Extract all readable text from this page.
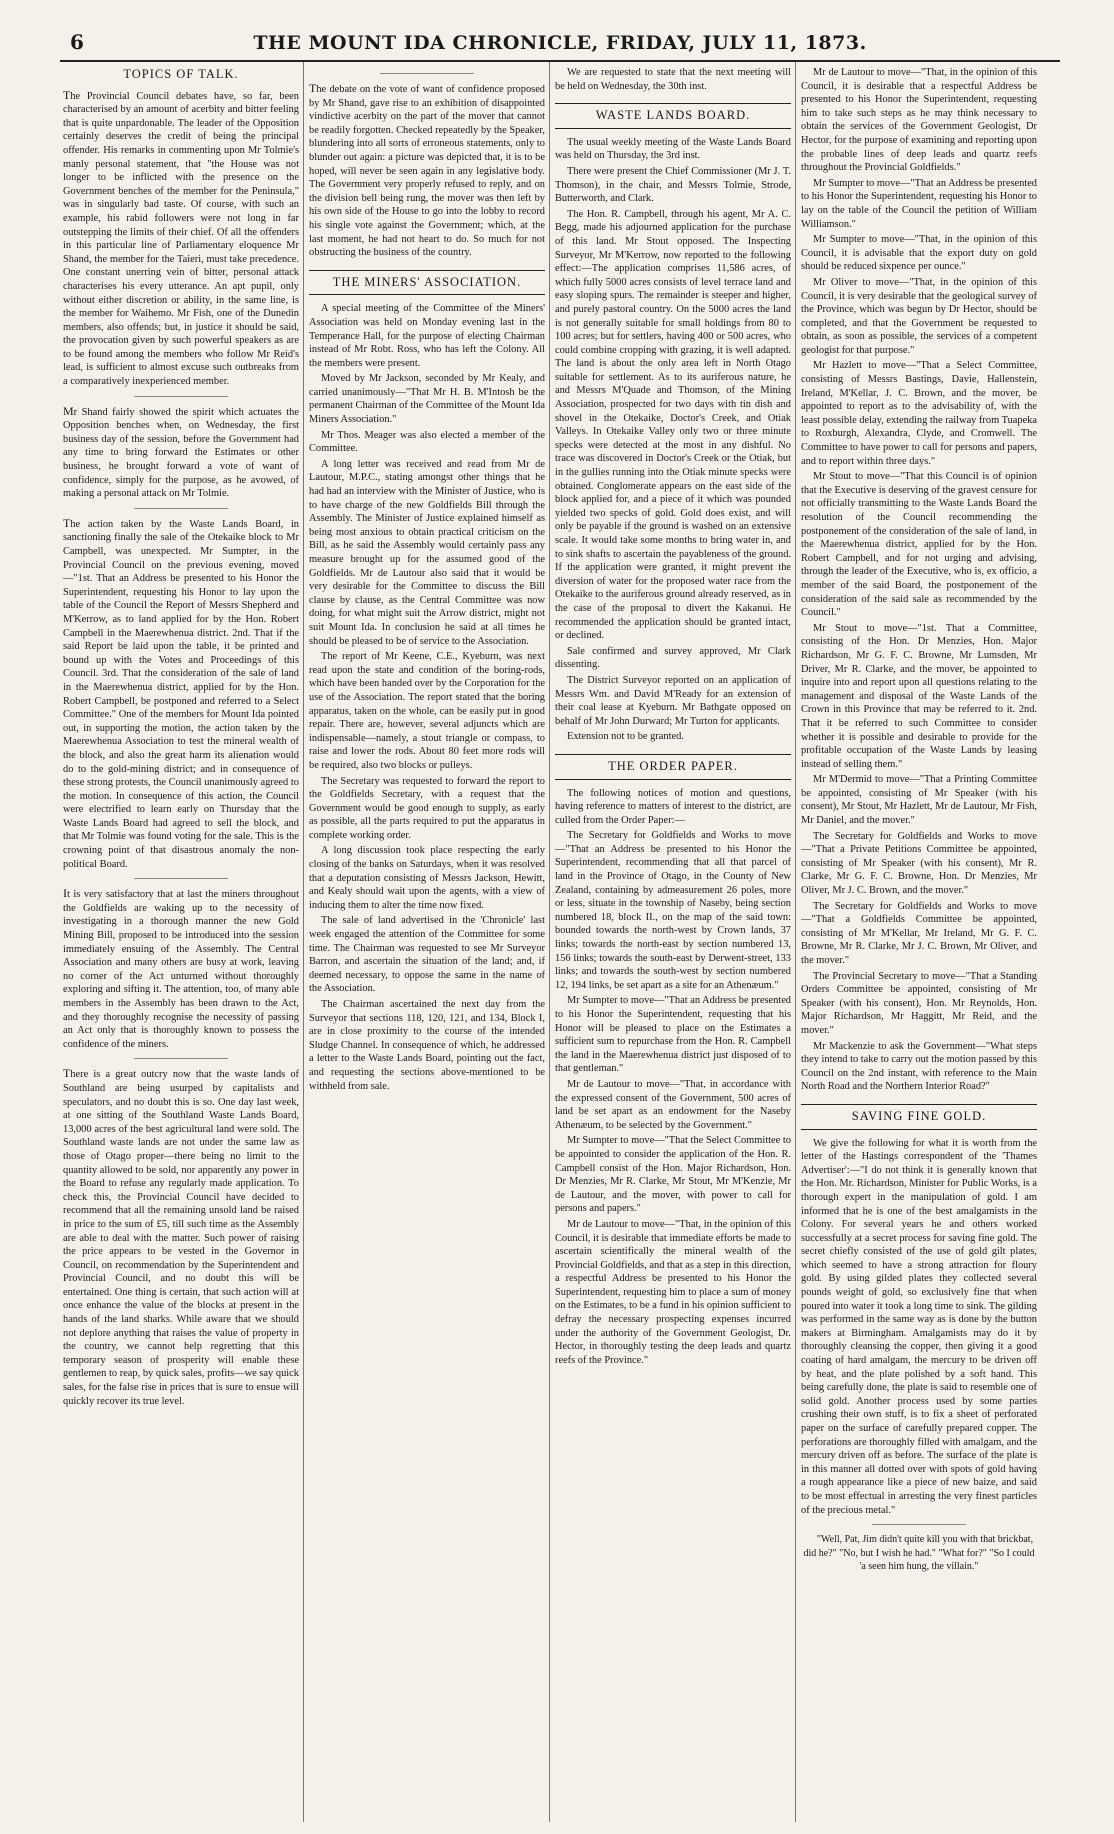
6	THE MOUNT IDA CHRONICLE, FRIDAY, JULY 11, 1873.
TOPICS OF TALK.

The Provincial Council debates have, so far, been characterised by an amount of acerbity and bitter feeling that is quite unpardonable. The leader of the Opposition certainly deserves the credit of being the principal offender. His remarks in commenting upon Mr Tolmie's manly personal statement, that "the House was not longer to be inflicted with the presence on the Government benches of the member for the Peninsula," was in singularly bad taste. Of course, with such an example, his rabid followers were not long in far outstepping the limits of their chief. Of all the offenders in this particular line of Parliamentary eloquence Mr Shand, the member for the Taieri, must take precedence. One constant unerring vein of bitter, personal attack characterises his every utterance. An apt pupil, only without either discretion or ability, in the same line, is the member for Waihemo. Mr Fish, one of the Dunedin members, also offends; but, in justice it should be said, the provocation given by such powerful speakers as are to be found among the members who follow Mr Reid's lead, is sufficient to almost excuse such outbreaks from a comparatively inexperienced member.

Mr Shand fairly showed the spirit which actuates the Opposition benches when, on Wednesday, the first business day of the session, before the Government had any time to bring forward the Estimates or other business, he brought forward a vote of want of confidence, simply for the purpose, as he avowed, of making a personal attack on Mr Tolmie.

The action taken by the Waste Lands Board, in sanctioning finally the sale of the Otekaike block to Mr Campbell, was unexpected. Mr Sumpter, in the Provincial Council on the previous evening, moved—"1st. That an Address be presented to his Honor the Superintendent, requesting his Honor to lay upon the table of the Council the Report of Messrs Shepherd and M'Kerrow, as to land applied for by the Hon. Robert Campbell in the Maerewhenua district. 2nd. That if the said Report be laid upon the table, it be printed and bound up with the Votes and Proceedings of this Council. 3rd. That the consideration of the sale of land in the Maerewhenua district, applied for by the Hon. Robert Campbell, be postponed and referred to a Select Committee." One of the members for Mount Ida pointed out, in supporting the motion, the action taken by the Maerewhenua Association to test the mineral wealth of the block, and also the great harm its alienation would do to the gold-mining district; and in consequence of these strong protests, the Council unanimously agreed to the motion. In consequence of this action, the Council were electrified to learn early on Thursday that the Waste Lands Board had agreed to sell the block, and that Mr Tolmie was found voting for the sale. This is the crowning point of that disastrous anomaly the non-political Board.

It is very satisfactory that at last the miners throughout the Goldfields are waking up to the necessity of investigating in a thorough manner the new Gold Mining Bill, proposed to be introduced into the session immediately ensuing of the Assembly. The Central Association and many others are busy at work, leaving no corner of the Act unturned without thoroughly exploring and sifting it. The attention, too, of many able members in the Assembly has been drawn to the Act, and they thoroughly recognise the necessity of passing an Act only that is thoroughly known to possess the confidence of the miners.

There is a great outcry now that the waste lands of Southland are being usurped by capitalists and speculators, and no doubt this is so. One day last week, at one sitting of the Southland Waste Lands Board, 13,000 acres of the best agricultural land were sold. The Southland waste lands are not under the same law as those of Otago proper—there being no limit to the quantity allowed to be sold, nor apparently any power in the Board to refuse any regularly made application. To check this, the Provincial Council have decided to recommend that all the remaining unsold land be raised in price to the sum of £5, till such time as the Assembly are able to deal with the matter. Such power of raising the price appears to be vested in the Governor in Council, on recommendation by the Superintendent and Provincial Council, and no doubt this will be entertained. One thing is certain, that such action will at once enhance the value of the blocks at present in the hands of the land sharks. While aware that we should not deplore anything that raises the value of property in the country, we cannot help regretting that this temporary season of prosperity will enable these gentlemen to reap, by quick sales, profits—we say quick sales, for the false rise in prices that is sure to ensue will quickly recover its true level.

The debate on the vote of want of confidence proposed by Mr Shand, gave rise to an exhibition of disappointed vindictive acerbity on the part of the mover that cannot be readily forgotten. Checked repeatedly by the Speaker, blundering into all sorts of erroneous statements, only to blunder out again: a picture was depicted that, it is to be hoped, will never be seen again in any legislative body. The Government very properly refused to reply, and on the division bell being rung, the mover was then left by his own side of the House to go into the lobby to record his single vote against the Government; which, at the last moment, he had not heart to do. So much for not obstructing the business of the country.

THE MINERS' ASSOCIATION.

A special meeting of the Committee of the Miners' Association was held on Monday evening last in the Temperance Hall, for the purpose of electing Chairman instead of Mr Robt. Ross, who has left the Colony. All the members were present.

Moved by Mr Jackson, seconded by Mr Kealy, and carried unanimously—"That Mr H. B. M'Intosh be the permanent Chairman of the Committee of the Mount Ida Miners Association."

Mr Thos. Meager was also elected a member of the Committee.

A long letter was received and read from Mr de Lautour, M.P.C., stating amongst other things that he had had an interview with the Minister of Justice, who is to have charge of the new Goldfields Bill through the Assembly. The Minister of Justice explained himself as being most anxious to obtain practical criticism on the Bill, as he said the Assembly would certainly pass any measure brought up for the assumed good of the Goldfields. Mr de Lautour also said that it would be very desirable for the Committee to discuss the Bill clause by clause, as the Central Committee was now doing, for what might suit the Arrow district, might not suit Mount Ida. In conclusion he said at all times he should be pleased to be of service to the Association.

The report of Mr Keene, C.E., Kyeburn, was next read upon the state and condition of the boring-rods, which have been handed over by the Corporation for the use of the Association. The report stated that the boring apparatus, taken on the whole, can be easily put in good repair. There are, however, several adjuncts which are indispensable—namely, a stout triangle or compass, to raise and lower the rods. About 80 feet more rods will be required, also two blocks or pulleys.

The Secretary was requested to forward the report to the Goldfields Secretary, with a request that the Government would be good enough to supply, as early as possible, all the parts required to put the apparatus in complete working order.

A long discussion took place respecting the early closing of the banks on Saturdays, when it was resolved that a deputation consisting of Messrs Jackson, Hewitt, and Kealy should wait upon the agents, with a view of inducing them to alter the time now fixed.

The sale of land advertised in the 'Chronicle' last week engaged the attention of the Committee for some time. The Chairman was requested to see Mr Surveyor Barron, and ascertain the situation of the land; and, if deemed necessary, to oppose the same in the name of the Association.

The Chairman ascertained the next day from the Surveyor that sections 118, 120, 121, and 134, Block I, are in close proximity to the course of the intended Sludge Channel. In consequence of which, he addressed a letter to the Waste Lands Board, pointing out the fact, and requesting the sections above-mentioned to be withheld from sale.

We are requested to state that the next meeting will be held on Wednesday, the 30th inst.

WASTE LANDS BOARD.

The usual weekly meeting of the Waste Lands Board was held on Thursday, the 3rd inst.

There were present the Chief Commissioner (Mr J. T. Thomson), in the chair, and Messrs Tolmie, Strode, Butterworth, and Clark.

The Hon. R. Campbell, through his agent, Mr A. C. Begg, made his adjourned application for the purchase of this land. Mr Stout opposed. The Inspecting Surveyor, Mr M'Kerrow, now reported to the following effect:—The application comprises 11,586 acres, of which fully 5000 acres consists of level terrace land and easy sloping spurs. The remainder is steeper and higher, and purely pastoral country. On the 5000 acres the land is not generally suitable for small holdings from 80 to 100 acres; but for settlers, having 400 or 500 acres, who could combine cropping with grazing, it is well adapted. The land is about the only area left in North Otago suitable for settlement. As to its auriferous nature, he and Messrs M'Quade and Thomson, of the Mining Association, prospected for two days with tin dish and shovel in the Otekaike, Doctor's Creek, and Otiak Valleys. In Otekaike Valley only two or three minute specks were detected at the most in any dishful. No trace was discovered in Doctor's Creek or the Otiak, but in the gullies running into the Otiak minute specks were obtained. Conglomerate appears on the east side of the block applied for, and a piece of it which was pounded yielded two specks of gold. Gold does exist, and will only be payable if the ground is washed on an extensive scale. It would take some months to bring water in, and to sink shafts to ascertain the payableness of the ground. If the application were granted, it might prevent the diversion of water for the proposed water race from the Otekaike to the auriferous ground already reserved, as in the case of the proposal to divert the Kakanui. He recommended the application should be granted intact, or declined.

Sale confirmed and survey approved, Mr Clark dissenting.

The District Surveyor reported on an application of Messrs Wm. and David M'Ready for an extension of their coal lease at Kyeburn. Mr Bathgate opposed on behalf of Mr John Durward; Mr Turton for applicants.

Extension not to be granted.

THE ORDER PAPER.

The following notices of motion and questions, having reference to matters of interest to the district, are culled from the Order Paper:—

The Secretary for Goldfields and Works to move—"That an Address be presented to his Honor the Superintendent, recommending that all that parcel of land in the Province of Otago, in the County of New Zealand, containing by admeasurement 26 poles, more or less, situate in the township of Naseby, being section numbered 18, block II., on the map of the said town: bounded towards the north-west by Crown lands, 37 links; towards the north-east by section numbered 13, 156 links; towards the south-east by Derwent-street, 133 links; and towards the south-west by section numbered 12, 194 links, be set apart as a site for an Athenæum."

Mr Sumpter to move—"That an Address be presented to his Honor the Superintendent, requesting that his Honor will be pleased to place on the Estimates a sufficient sum to repurchase from the Hon. R. Campbell the land in the Maerewhenua district just disposed of to that gentleman."

Mr de Lautour to move—"That, in accordance with the expressed consent of the Government, 500 acres of land be set apart as an endowment for the Naseby Athenæum, to be selected by the Government."

Mr Sumpter to move—"That the Select Committee to be appointed to consider the application of the Hon. R. Campbell consist of the Hon. Major Richardson, Hon. Dr Menzies, Mr R. Clarke, Mr Stout, Mr M'Kenzie, Mr de Lautour, and the mover, with power to call for persons and papers."

Mr de Lautour to move—"That, in the opinion of this Council, it is desirable that immediate efforts be made to ascertain scientifically the mineral wealth of the Provincial Goldfields, and that as a step in this direction, a respectful Address be presented to his Honor the Superintendent, requesting him to place a sum of money on the Estimates, to be a fund in his opinion sufficient to defray the necessary prospecting expenses incurred under the authority of the Government Geologist, Dr. Hector, in thoroughly testing the deep leads and quartz reefs of the Province."

Mr de Lautour to move—"That, in the opinion of this Council, it is desirable that a respectful Address be presented to his Honor the Superintendent, requesting him to take such steps as he may think necessary to obtain the services of the Government Geologist, Dr Hector, for the purpose of examining and reporting upon the probable lines of deep leads and quartz reefs throughout the Provincial Goldfields."

Mr Sumpter to move—"That an Address be presented to his Honor the Superintendent, requesting his Honor to lay on the table of the Council the petition of William Williamson."

Mr Sumpter to move—"That, in the opinion of this Council, it is advisable that the export duty on gold should be reduced sixpence per ounce."

Mr Oliver to move—"That, in the opinion of this Council, it is very desirable that the geological survey of the Province, which was begun by Dr Hector, should be completed, and that the Government be requested to obtain, as soon as possible, the services of a competent geologist for that purpose."

Mr Hazlett to move—"That a Select Committee, consisting of Messrs Bastings, Davie, Hallenstein, Ireland, M'Kellar, J. C. Brown, and the mover, be appointed to report as to the advisability of, with the least possible delay, extending the railway from Tuapeka to Roxburgh, Alexandra, Clyde, and Cromwell. The Committee to have power to call for persons and papers, and to report within three days."

Mr Stout to move—"That this Council is of opinion that the Executive is deserving of the gravest censure for not officially transmitting to the Waste Lands Board the resolution of the Council recommending the postponement of the consideration of the sale of land, in the Maerewhenua district, applied for by the Hon. Robert Campbell, and for not urging and advising, through the leader of the Executive, who is, ex officio, a member of the said Board, the postponement of the consideration of the said sale as recommended by the Council."

Mr Stout to move—"1st. That a Committee, consisting of the Hon. Dr Menzies, Hon. Major Richardson, Mr G. F. C. Browne, Mr Lumsden, Mr Driver, Mr R. Clarke, and the mover, be appointed to inquire into and report upon all questions relating to the management and disposal of the Waste Lands of the Crown in this Province that may be referred to it. 2nd. That it be referred to such Committee to consider whether it is possible and desirable to provide for the profitable occupation of the Waste Lands by leasing instead of selling them."

Mr M'Dermid to move—"That a Printing Committee be appointed, consisting of Mr Speaker (with his consent), Mr Stout, Mr Hazlett, Mr de Lautour, Mr Fish, Mr Daniel, and the mover."

The Secretary for Goldfields and Works to move—"That a Private Petitions Committee be appointed, consisting of Mr Speaker (with his consent), Mr R. Clarke, Mr G. F. C. Browne, Hon. Dr Menzies, Mr Oliver, Mr J. C. Brown, and the mover."

The Secretary for Goldfields and Works to move—"That a Goldfields Committee be appointed, consisting of Mr M'Kellar, Mr Ireland, Mr G. F. C. Browne, Mr R. Clarke, Mr J. C. Brown, Mr Oliver, and the mover."

The Provincial Secretary to move—"That a Standing Orders Committee be appointed, consisting of Mr Speaker (with his consent), Hon. Mr Reynolds, Hon. Major Richardson, Mr Haggitt, Mr Reid, and the mover."

Mr Mackenzie to ask the Government—"What steps they intend to take to carry out the motion passed by this Council on the 2nd instant, with reference to the Main North Road and the Northern Interior Road?"

SAVING FINE GOLD.

We give the following for what it is worth from the letter of the Hastings correspondent of the 'Thames Advertiser':—"I do not think it is generally known that the Hon. Mr. Richardson, Minister for Public Works, is a thorough expert in the manipulation of gold. I am informed that he is one of the best amalgamists in the Colony. For several years he and others worked successfully at a secret process for saving fine gold. The secret chiefly consisted of the use of gold gilt plates, which seemed to have a strong attraction for floury gold. By using gilded plates they collected several pounds weight of gold, so exclusively fine that when poured into water it took a long time to sink. The gilding was performed in the same way as is done by the button makers at Birmingham. Amalgamists may do it by thoroughly cleansing the copper, then giving it a good coating of hard amalgam, the mercury to be driven off by heat, and the plate polished by a soft hand. This being carefully done, the plate is said to resemble one of solid gold. Another process used by some parties crushing their own stuff, is to fix a sheet of perforated paper on the surface of carefully prepared copper. The perforations are thoroughly filled with amalgam, and the mercury driven off as before. The surface of the plate is in this manner all dotted over with spots of gold having a rough appearance like a piece of new baize, and said to be most effectual in arresting the very finest particles of the precious metal."

"Well, Pat, Jim didn't quite kill you with that brickbat, did he?" "No, but I wish he had." "What for?" "So I could 'a seen him hung, the villain."
